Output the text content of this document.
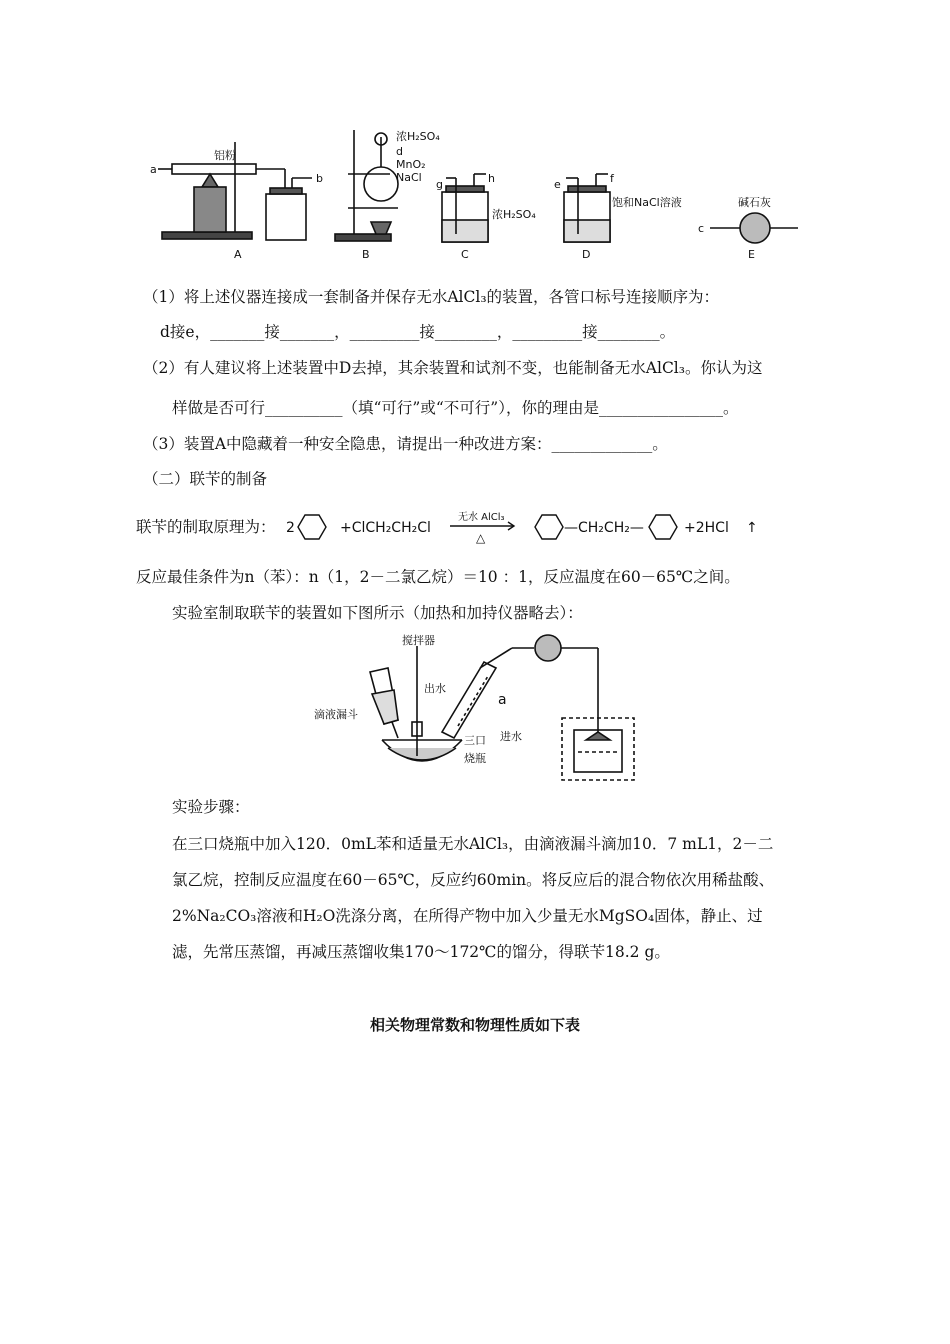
a
b
铝粉
浓H₂SO₄
d
MnO₂
NaCl
g	h
浓H₂SO₄
e	f
饱和NaCl溶液	碱石灰
c
A	B	C	D	E
（1）将上述仪器连接成一套制备并保存无水AlCl₃的装置，各管口标号连接顺序为：
d接e，_______接_______，_________接________，_________接________。
（2）有人建议将上述装置中D去掉，其余装置和试剂不变，也能制备无水AlCl₃。你认为这
样做是否可行__________（填“可行”或“不可行”），你的理由是________________。
（3）装置A中隐藏着一种安全隐患，请提出一种改进方案：_____________。
（二）联苄的制备
联苄的制取原理为： 2	+ClCH₂CH₂Cl
无水 AlCl₃
△
—CH₂CH₂—	+2HCl ↑
反应最佳条件为n（苯）：n（1，2－二氯乙烷）＝10 ：1，反应温度在60－65℃之间。
实验室制取联苄的装置如下图所示（加热和加持仪器略去）：
搅拌器
滴液漏斗
出水
a
进水
三口
烧瓶
实验步骤：
在三口烧瓶中加入120．0mL苯和适量无水AlCl₃，由滴液漏斗滴加10．7 mL1，2－二
氯乙烷，控制反应温度在60－65℃，反应约60min。将反应后的混合物依次用稀盐酸、
2%Na₂CO₃溶液和H₂O洗涤分离，在所得产物中加入少量无水MgSO₄固体，静止、过
滤，先常压蒸馏，再减压蒸馏收集170～172℃的馏分，得联苄18.2 g。
相关物理常数和物理性质如下表
